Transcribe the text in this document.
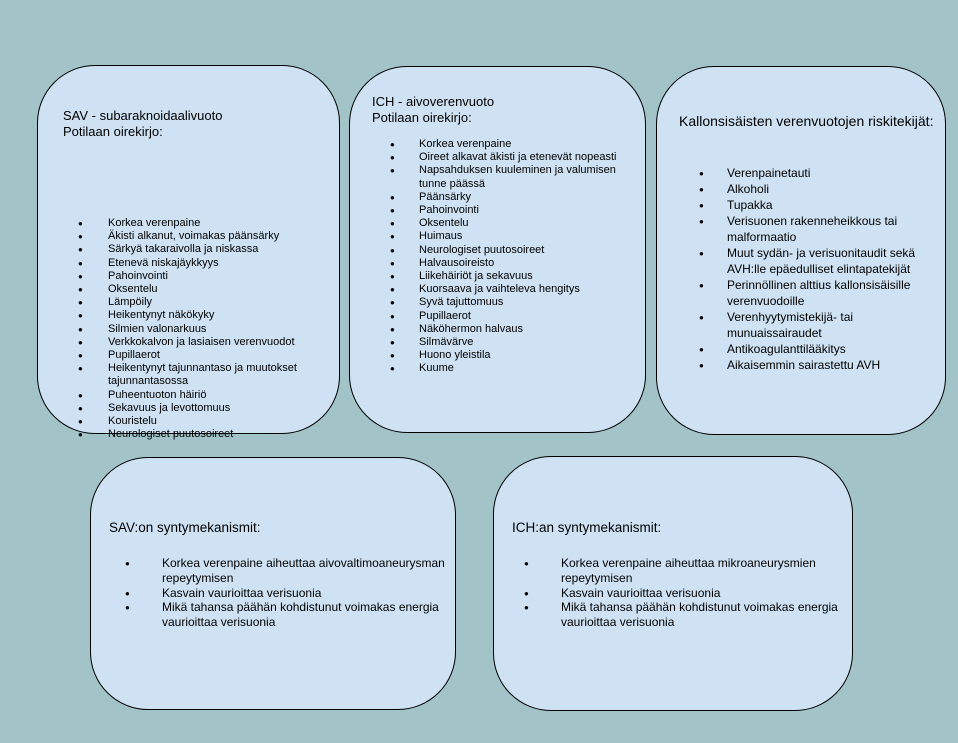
SAV - subaraknoidaalivuoto

Potilaan oirekirjo:

● Korkea verenpaine
● Äkisti alkanut, voimakas päänsärky
● Särkyä takaraivolla ja niskassa
● Etenevä niskajäykkyys
● Pahoinvointi
● Oksentelu
● Lämpöily
● Heikentynyt näkökyky
● Silmien valonarkuus
● Verkkokalvon ja lasiaisen verenvuodot
● Pupillaerot
● Heikentynyt tajunnantaso ja muutokset tajunnantasossa
● Puheentuoton häiriö
● Sekavuus ja levottomuus
● Kouristelu
● Neurologiset puutosoireet

ICH - aivoverenvuoto

Potilaan oirekirjo:

● Korkea verenpaine
● Oireet alkavat äkisti ja etenevät nopeasti
● Napsahduksen kuuleminen ja valumisen tunne päässä
● Päänsärky
● Pahoinvointi
● Oksentelu
● Huimaus
● Neurologiset puutosoireet
● Halvausoireisto
● Liikehäiriöt ja sekavuus
● Kuorsaava ja vaihteleva hengitys
● Syvä tajuttomuus
● Pupillaerot
● Näköhermon halvaus
● Silmävärve
● Huono yleistila
● Kuume

Kallonsisäisten verenvuotojen riskitekijät:

● Verenpainetauti
● Alkoholi
● Tupakka
● Verisuonen rakenneheikkous tai malformaatio
● Muut sydän- ja verisuonitaudit sekä AVH:lle epäedulliset elintapatekijät
● Perinnöllinen alttius kallonsisäisille verenvuodoille
● Verenhyytymistekijä- tai munuaissairaudet
● Antikoagulanttilääkitys
● Aikaisemmin sairastettu AVH

SAV:on syntymekanismit:

● Korkea verenpaine aiheuttaa aivovaltimoaneurysman repeytymisen
● Kasvain vaurioittaa verisuonia
● Mikä tahansa päähän kohdistunut voimakas energia vaurioittaa verisuonia

ICH:an syntymekanismit:

● Korkea verenpaine aiheuttaa mikroaneurysmien repeytymisen
● Kasvain vaurioittaa verisuonia
● Mikä tahansa päähän kohdistunut voimakas energia vaurioittaa verisuonia
